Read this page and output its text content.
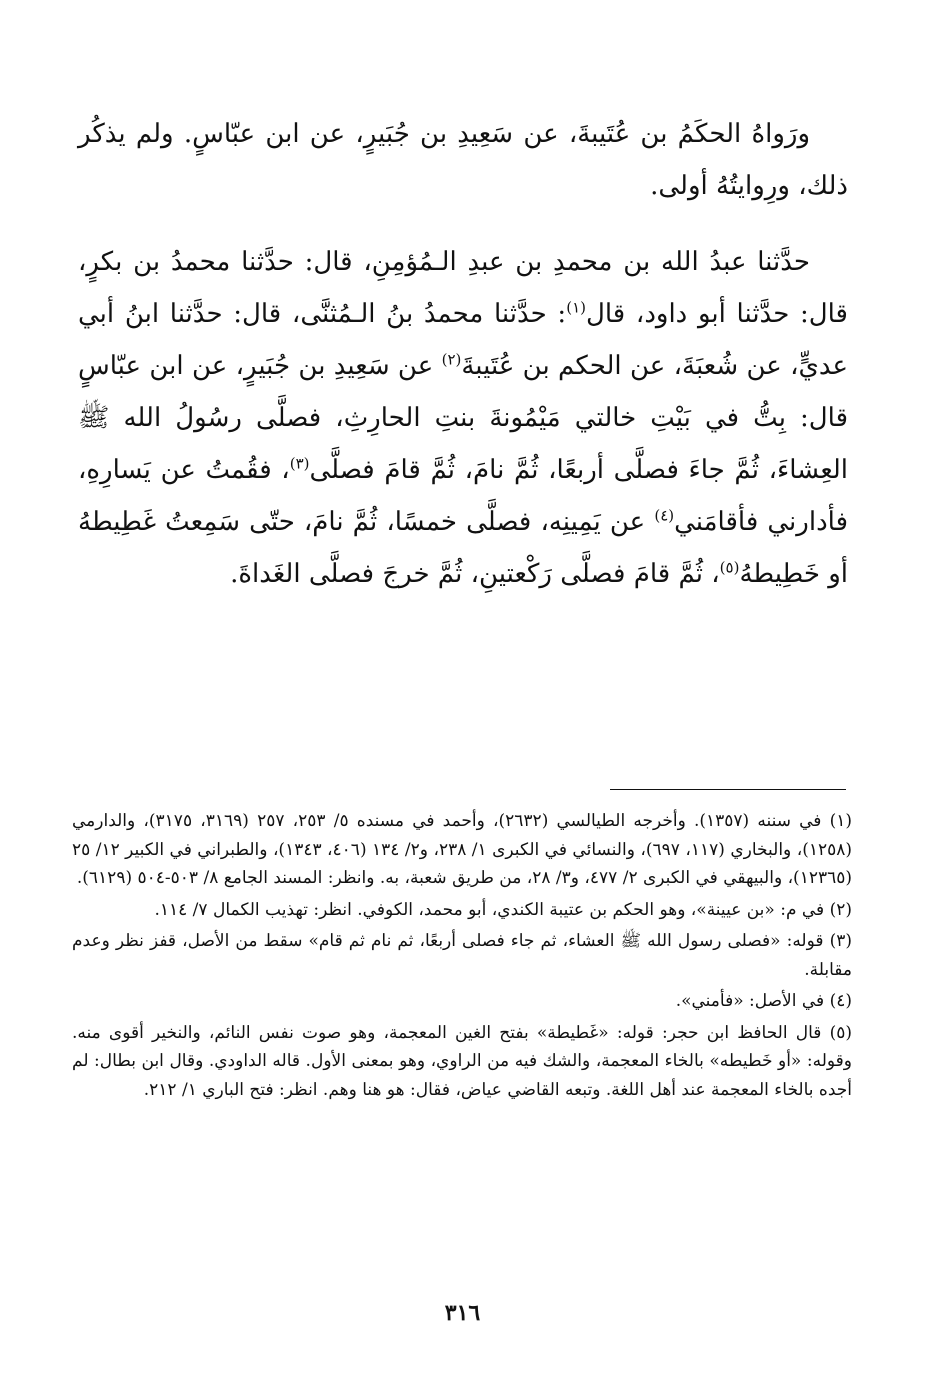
ورَواهُ الحكَمُ بن عُتَيبةَ، عن سَعِيدِ بن جُبَيرٍ، عن ابن عبّاسٍ. ولم يذكُر ذلك، ورِوايتُهُ أولى.

حدَّثنا عبدُ الله بن محمدِ بن عبدِ الـمُؤمِنِ، قال: حدَّثنا محمدُ بن بكرٍ، قال: حدَّثنا أبو داود، قال$^{(١)}$: حدَّثنا محمدُ بنُ الـمُثنَّى، قال: حدَّثنا ابنُ أبي عديٍّ، عن شُعبَةَ، عن الحكم بن عُتَيبةَ$^{(٢)}$ عن سَعِيدِ بن جُبَيرٍ، عن ابن عبّاسٍ قال: بِتُّ في بَيْتِ خالتي مَيْمُونةَ بنتِ الحارِثِ، فصلَّى رسُولُ الله ﷺ العِشاءَ، ثُمَّ جاءَ فصلَّى أربعًا، ثُمَّ نامَ، ثُمَّ قامَ فصلَّى$^{(٣)}$، فقُمتُ عن يَسارِهِ، فأدارني فأقامَني$^{(٤)}$ عن يَمِينِه، فصلَّى خمسًا، ثُمَّ نامَ، حتّى سَمِعتُ غَطِيطهُ أو خَطِيطهُ$^{(٥)}$، ثُمَّ قامَ فصلَّى رَكْعتينِ، ثُمَّ خرجَ فصلَّى الغَداةَ.

(١) في سننه (١٣٥٧). وأخرجه الطيالسي (٢٦٣٢)، وأحمد في مسنده ٥/ ٢٥٣، ٢٥٧ (٣١٦٩، ٣١٧٥)، والدارمي (١٢٥٨)، والبخاري (١١٧، ٦٩٧)، والنسائي في الكبرى ١/ ٢٣٨، و٢/ ١٣٤ (٤٠٦، ١٣٤٣)، والطبراني في الكبير ١٢/ ٢٥ (١٢٣٦٥)، والبيهقي في الكبرى ٢/ ٤٧٧، و٣/ ٢٨، من طريق شعبة، به. وانظر: المسند الجامع ٨/ ٥٠٣-٥٠٤ (٦١٢٩).

(٢) في م: «بن عيينة»، وهو الحكم بن عتيبة الكندي، أبو محمد، الكوفي. انظر: تهذيب الكمال ٧/ ١١٤.

(٣) قوله: «فصلى رسول الله ﷺ العشاء، ثم جاء فصلى أربعًا، ثم نام ثم قام» سقط من الأصل، قفز نظر وعدم مقابلة.

(٤) في الأصل: «فأمني».

(٥) قال الحافظ ابن حجر: قوله: «غَطيطة» بفتح الغين المعجمة، وهو صوت نفس النائم، والنخير أقوى منه. وقوله: «أو خَطيطه» بالخاء المعجمة، والشك فيه من الراوي، وهو بمعنى الأول. قاله الداودي. وقال ابن بطال: لم أجده بالخاء المعجمة عند أهل اللغة. وتبعه القاضي عياض، فقال: هو هنا وهم. انظر: فتح الباري ١/ ٢١٢.

٣١٦
